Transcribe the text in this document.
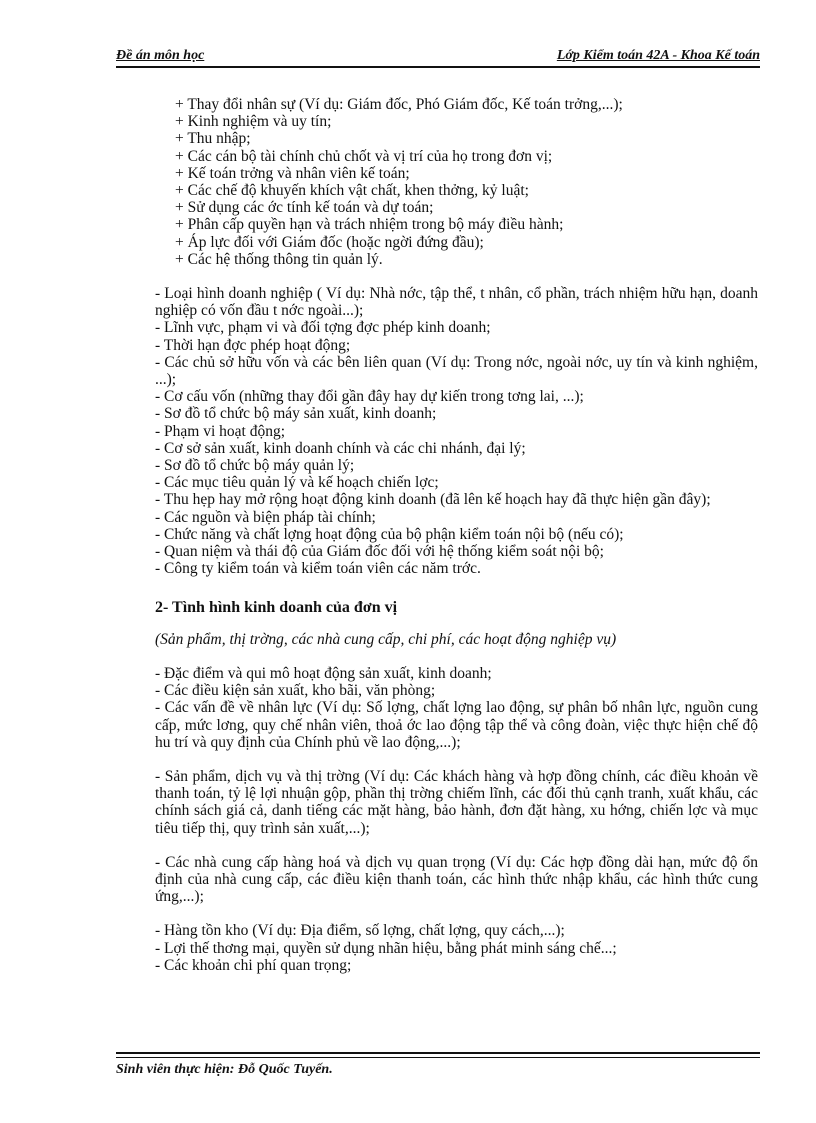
Đề án môn học	Lớp Kiểm toán 42A - Khoa Kế toán
+ Thay đổi nhân sự (Ví dụ: Giám đốc, Phó Giám đốc, Kế toán trởng,...);
+ Kinh nghiệm và uy tín;
+ Thu nhập;
+ Các cán bộ tài chính chủ chốt và vị trí của họ trong đơn vị;
+ Kế toán trởng và nhân viên kế toán;
+ Các chế độ khuyến khích vật chất, khen thởng, kỷ luật;
+ Sử dụng các ớc tính kế toán và dự toán;
+ Phân cấp quyền hạn và trách nhiệm trong bộ máy điều hành;
+ Áp lực đối với Giám đốc (hoặc ngời đứng đầu);
+ Các hệ thống thông tin quản lý.
- Loại hình doanh nghiệp ( Ví dụ: Nhà nớc, tập thể, t nhân, cổ phần, trách nhiệm hữu hạn, doanh nghiệp có vốn đầu t nớc ngoài...);
- Lĩnh vực, phạm vi và đối tợng đợc phép kinh doanh;
- Thời hạn đợc phép hoạt động;
- Các chủ sở hữu vốn và các bên liên quan (Ví dụ: Trong nớc, ngoài nớc, uy tín và kinh nghiệm, ...);
- Cơ cấu vốn (những thay đổi gần đây hay dự kiến trong tơng lai, ...);
- Sơ đồ tổ chức bộ máy sản xuất, kinh doanh;
- Phạm vi hoạt động;
- Cơ sở sản xuất, kinh doanh chính và các chi nhánh, đại lý;
- Sơ đồ tổ chức bộ máy quản lý;
- Các mục tiêu quản lý và kế hoạch chiến lợc;
- Thu hẹp hay mở rộng hoạt động kinh doanh (đã lên kế hoạch hay đã thực hiện gần đây);
- Các nguồn và biện pháp tài chính;
- Chức năng và chất lợng hoạt động của bộ phận kiểm toán nội bộ (nếu có);
- Quan niệm và thái độ của Giám đốc đối với hệ thống kiểm soát nội bộ;
- Công ty kiểm toán và kiểm toán viên các năm trớc.

2- Tình hình kinh doanh của đơn vị

(Sản phẩm, thị trờng, các nhà cung cấp, chi phí, các hoạt động nghiệp vụ)

- Đặc điểm và qui mô hoạt động sản xuất, kinh doanh;
- Các điều kiện sản xuất, kho bãi, văn phòng;
- Các vấn đề về nhân lực (Ví dụ: Số lợng, chất lợng lao động, sự phân bố nhân lực, nguồn cung cấp, mức lơng, quy chế nhân viên, thoả ớc lao động tập thể và công đoàn, việc thực hiện chế độ hu trí và quy định của Chính phủ về lao động,...);

- Sản phẩm, dịch vụ và thị trờng (Ví dụ: Các khách hàng và hợp đồng chính, các điều khoản về thanh toán, tỷ lệ lợi nhuận gộp, phần thị trờng chiếm lĩnh, các đối thủ cạnh tranh, xuất khẩu, các chính sách giá cả, danh tiếng các mặt hàng, bảo hành, đơn đặt hàng, xu hớng, chiến lợc và mục tiêu tiếp thị, quy trình sản xuất,...);

- Các nhà cung cấp hàng hoá và dịch vụ quan trọng (Ví dụ: Các hợp đồng dài hạn, mức độ ổn định của nhà cung cấp, các điều kiện thanh toán, các hình thức nhập khẩu, các hình thức cung ứng,...);

- Hàng tồn kho (Ví dụ: Địa điểm, số lợng, chất lợng, quy cách,...);
- Lợi thế thơng mại, quyền sử dụng nhãn hiệu, bằng phát minh sáng chế...;
- Các khoản chi phí quan trọng;
Sinh viên thực hiện: Đỗ Quốc Tuyến.
